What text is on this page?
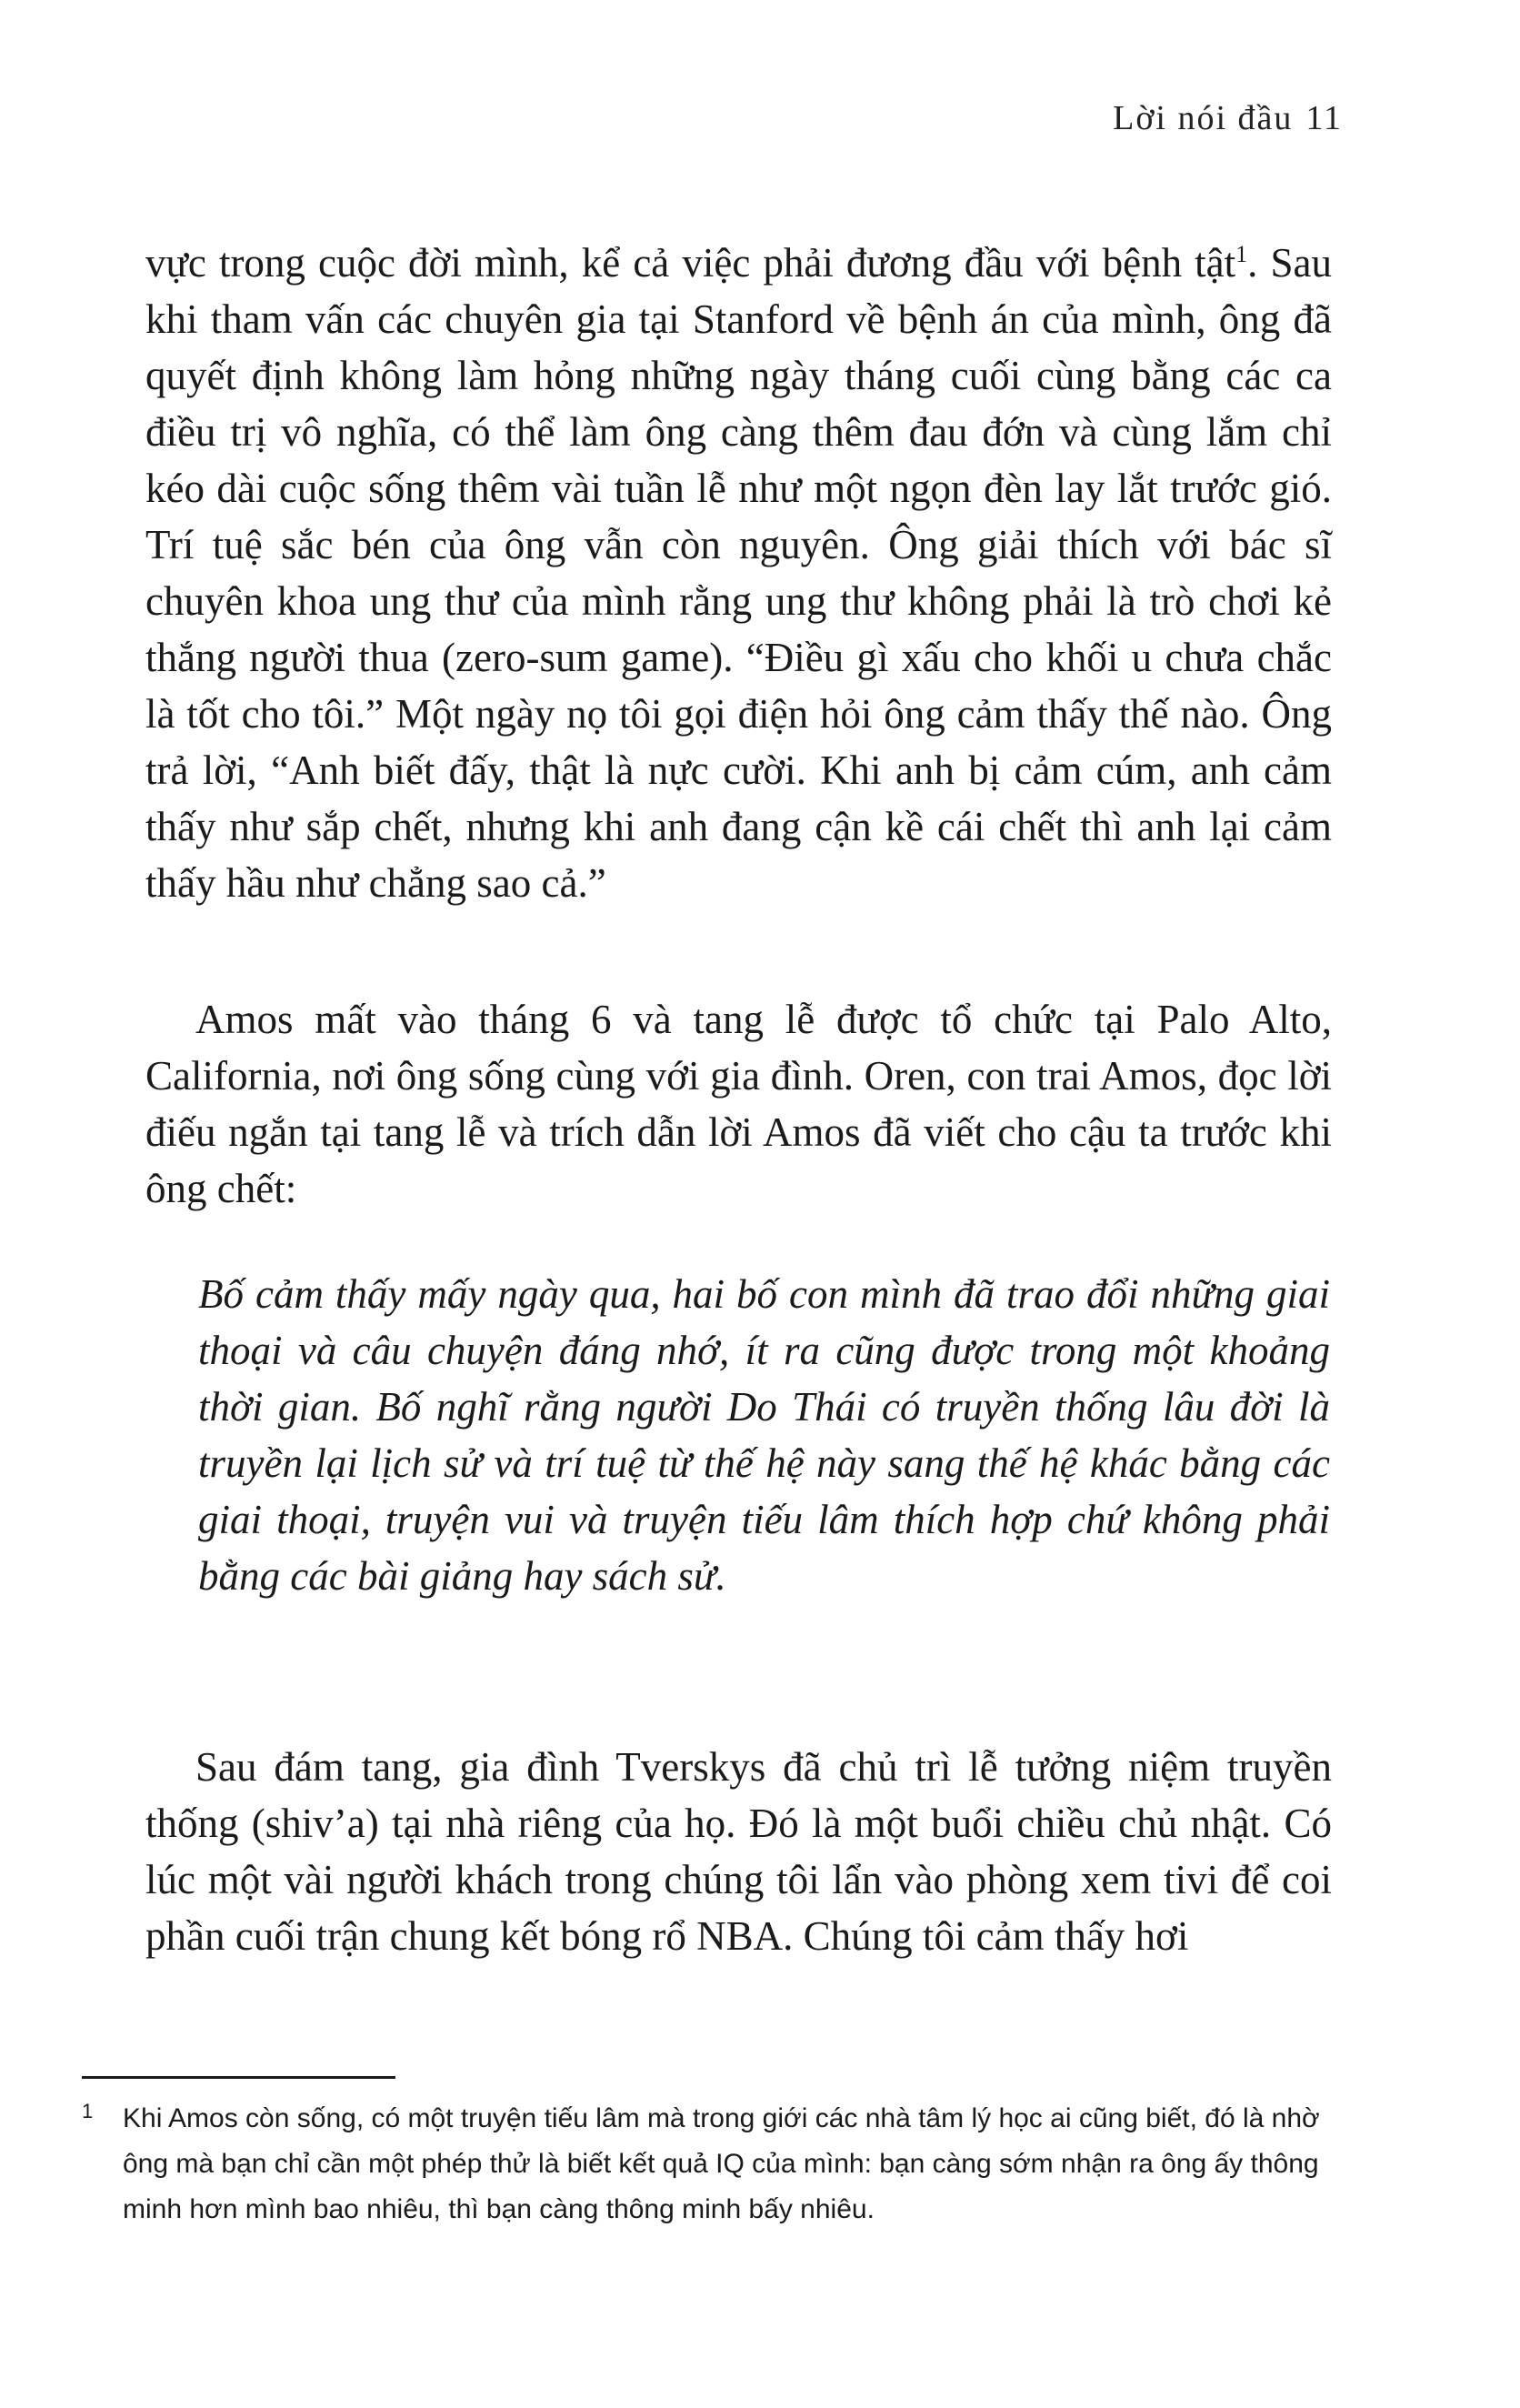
Lời nói đầu 11

vực trong cuộc đời mình, kể cả việc phải đương đầu với bệnh tật$^1$. Sau khi tham vấn các chuyên gia tại Stanford về bệnh án của mình, ông đã quyết định không làm hỏng những ngày tháng cuối cùng bằng các ca điều trị vô nghĩa, có thể làm ông càng thêm đau đớn và cùng lắm chỉ kéo dài cuộc sống thêm vài tuần lễ như một ngọn đèn lay lắt trước gió. Trí tuệ sắc bén của ông vẫn còn nguyên. Ông giải thích với bác sĩ chuyên khoa ung thư của mình rằng ung thư không phải là trò chơi kẻ thắng người thua (zero-sum game). “Điều gì xấu cho khối u chưa chắc là tốt cho tôi.” Một ngày nọ tôi gọi điện hỏi ông cảm thấy thế nào. Ông trả lời, “Anh biết đấy, thật là nực cười. Khi anh bị cảm cúm, anh cảm thấy như sắp chết, nhưng khi anh đang cận kề cái chết thì anh lại cảm thấy hầu như chẳng sao cả.”

Amos mất vào tháng 6 và tang lễ được tổ chức tại Palo Alto, California, nơi ông sống cùng với gia đình. Oren, con trai Amos, đọc lời điếu ngắn tại tang lễ và trích dẫn lời Amos đã viết cho cậu ta trước khi ông chết:

Bố cảm thấy mấy ngày qua, hai bố con mình đã trao đổi những giai thoại và câu chuyện đáng nhớ, ít ra cũng được trong một khoảng thời gian. Bố nghĩ rằng người Do Thái có truyền thống lâu đời là truyền lại lịch sử và trí tuệ từ thế hệ này sang thế hệ khác bằng các giai thoại, truyện vui và truyện tiếu lâm thích hợp chứ không phải bằng các bài giảng hay sách sử.

Sau đám tang, gia đình Tverskys đã chủ trì lễ tưởng niệm truyền thống (shiv’a) tại nhà riêng của họ. Đó là một buổi chiều chủ nhật. Có lúc một vài người khách trong chúng tôi lẩn vào phòng xem tivi để coi phần cuối trận chung kết bóng rổ NBA. Chúng tôi cảm thấy hơi

1 Khi Amos còn sống, có một truyện tiếu lâm mà trong giới các nhà tâm lý học ai cũng biết, đó là nhờ ông mà bạn chỉ cần một phép thử là biết kết quả IQ của mình: bạn càng sớm nhận ra ông ấy thông minh hơn mình bao nhiêu, thì bạn càng thông minh bấy nhiêu.
